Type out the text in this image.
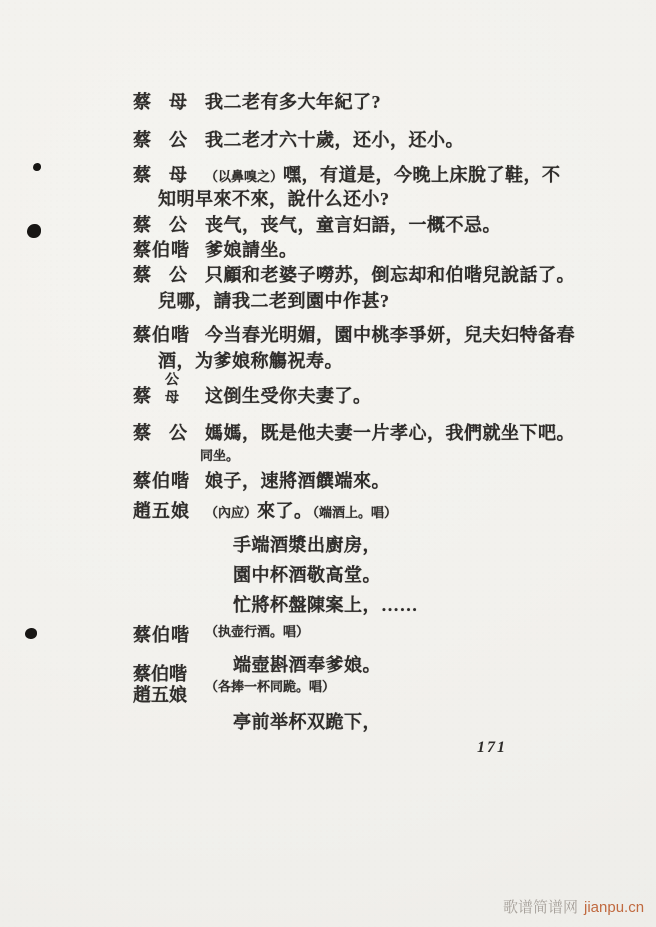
蔡 母 我二老有多大年紀了?
蔡 公 我二老才六十歲，还小，还小。
蔡 母 （以鼻嗅之）嘿，有道是，今晚上床脫了鞋，不
知明早來不來，說什么还小?
蔡 公 丧气，丧气，童言妇語，一概不忌。
蔡伯喈 爹娘請坐。
蔡 公 只顧和老婆子嘮苏，倒忘却和伯喈兒說話了。
兒哪，請我二老到園中作甚?
蔡伯喈 今当春光明媚，園中桃李爭妍，兒夫妇特备春
酒，为爹娘称觴祝寿。
蔡
公
母 这倒生受你夫妻了。
蔡 公 媽媽，既是他夫妻一片孝心，我們就坐下吧。
同坐。
蔡伯喈 娘子，速將酒饌端來。
趙五娘 （內应）來了。（端酒上。唱）
手端酒漿出廚房，
園中杯酒敬高堂。
忙將杯盤陳案上，……
蔡伯喈 （执壶行酒。唱）
端壺斟酒奉爹娘。
蔡伯喈
趙五娘 （各捧一杯同跪。唱）
亭前举杯双跪下，
171
歌谱简谱网 jianpu.cn
